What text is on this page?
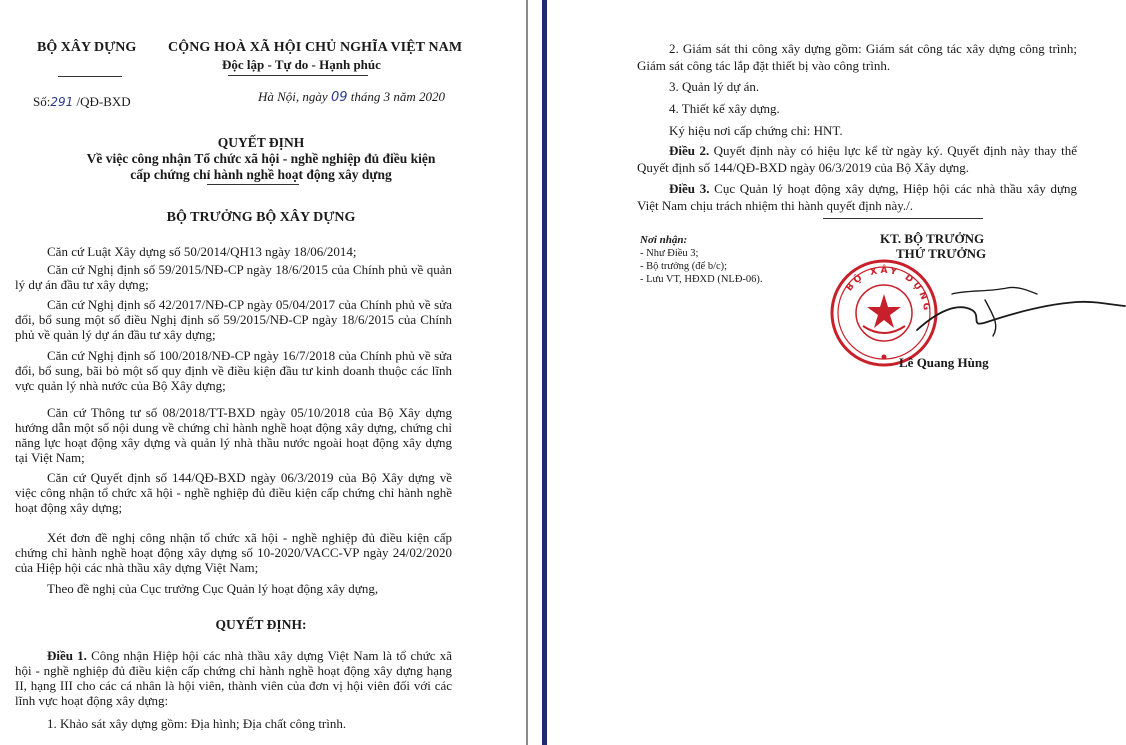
BỘ XÂY DỰNG
Số:291 /QĐ-BXD
CỘNG HOÀ XÃ HỘI CHỦ NGHĨA VIỆT NAM
Độc lập - Tự do - Hạnh phúc
Hà Nội, ngày 09 tháng 3 năm 2020
QUYẾT ĐỊNH
Về việc công nhận Tổ chức xã hội - nghề nghiệp đủ điều kiện
cấp chứng chỉ hành nghề hoạt động xây dựng
BỘ TRƯỞNG BỘ XÂY DỰNG
Căn cứ Luật Xây dựng số 50/2014/QH13 ngày 18/06/2014;
Căn cứ Nghị định số 59/2015/NĐ-CP ngày 18/6/2015 của Chính phủ về quản lý dự án đầu tư xây dựng;
Căn cứ Nghị định số 42/2017/NĐ-CP ngày 05/04/2017 của Chính phủ về sửa đổi, bổ sung một số điều Nghị định số 59/2015/NĐ-CP ngày 18/6/2015 của Chính phủ về quản lý dự án đầu tư xây dựng;
Căn cứ Nghị định số 100/2018/NĐ-CP ngày 16/7/2018 của Chính phủ về sửa đổi, bổ sung, bãi bỏ một số quy định về điều kiện đầu tư kinh doanh thuộc các lĩnh vực quản lý nhà nước của Bộ Xây dựng;
Căn cứ Thông tư số 08/2018/TT-BXD ngày 05/10/2018 của Bộ Xây dựng hướng dẫn một số nội dung về chứng chỉ hành nghề hoạt động xây dựng, chứng chỉ năng lực hoạt động xây dựng và quản lý nhà thầu nước ngoài hoạt động xây dựng tại Việt Nam;
Căn cứ Quyết định số 144/QĐ-BXD ngày 06/3/2019 của Bộ Xây dựng về việc công nhận tổ chức xã hội - nghề nghiệp đủ điều kiện cấp chứng chỉ hành nghề hoạt động xây dựng;
Xét đơn đề nghị công nhận tổ chức xã hội - nghề nghiệp đủ điều kiện cấp chứng chỉ hành nghề hoạt động xây dựng số 10-2020/VACC-VP ngày 24/02/2020 của Hiệp hội các nhà thầu xây dựng Việt Nam;
Theo đề nghị của Cục trưởng Cục Quản lý hoạt động xây dựng,
QUYẾT ĐỊNH:
Điều 1. Công nhận Hiệp hội các nhà thầu xây dựng Việt Nam là tổ chức xã hội - nghề nghiệp đủ điều kiện cấp chứng chỉ hành nghề hoạt động xây dựng hạng II, hạng III cho các cá nhân là hội viên, thành viên của đơn vị hội viên đối với các lĩnh vực hoạt động xây dựng:
1. Khảo sát xây dựng gồm: Địa hình; Địa chất công trình.
2. Giám sát thi công xây dựng gồm: Giám sát công tác xây dựng công trình; Giám sát công tác lắp đặt thiết bị vào công trình.
3. Quản lý dự án.
4. Thiết kế xây dựng.
Ký hiệu nơi cấp chứng chỉ: HNT.
Điều 2. Quyết định này có hiệu lực kể từ ngày ký. Quyết định này thay thế Quyết định số 144/QĐ-BXD ngày 06/3/2019 của Bộ Xây dựng.
Điều 3. Cục Quản lý hoạt động xây dựng, Hiệp hội các nhà thầu xây dựng Việt Nam chịu trách nhiệm thi hành quyết định này./.
Nơi nhận:
- Như Điều 3;
- Bộ trưởng (để b/c);
- Lưu VT, HĐXD (NLĐ-06).
KT. BỘ TRƯỞNG
THỨ TRƯỞNG
BỘ XÂY DỰNG
Lê Quang Hùng
